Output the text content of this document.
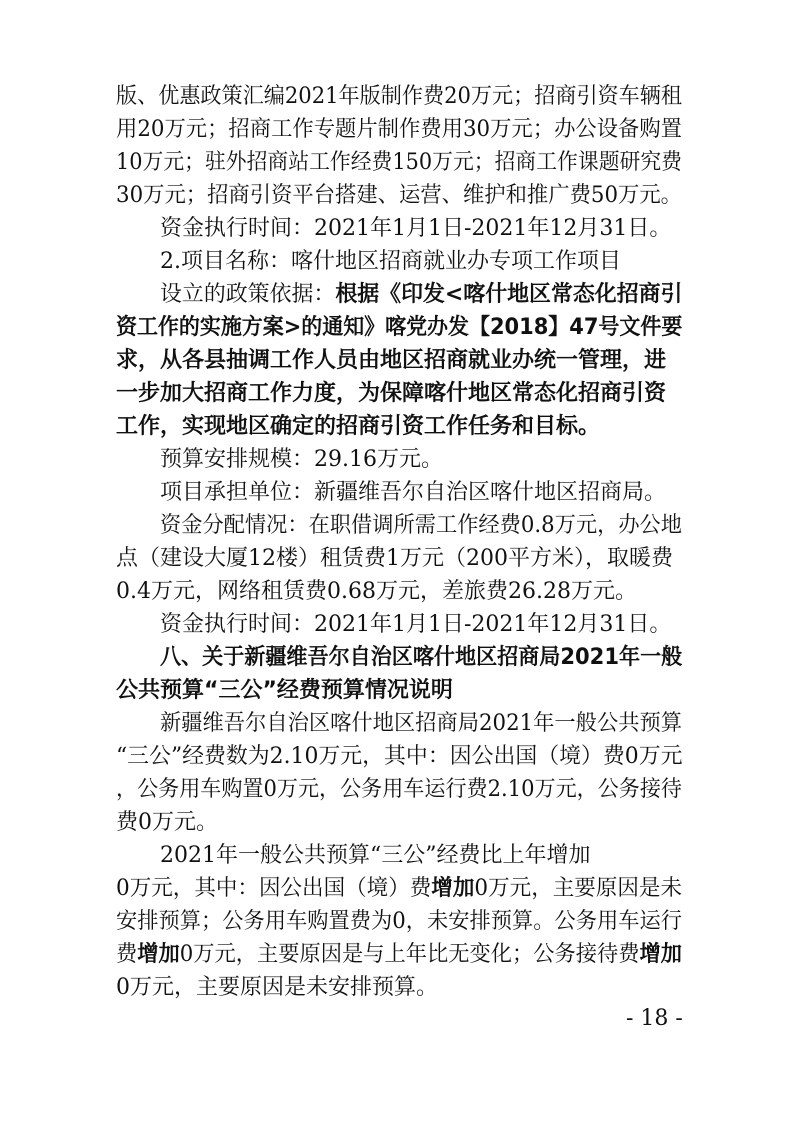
版、优惠政策汇编2021年版制作费20万元；招商引资车辆租

用20万元；招商工作专题片制作费用30万元；办公设备购置

10万元；驻外招商站工作经费150万元；招商工作课题研究费

30万元；招商引资平台搭建、运营、维护和推广费50万元。

资金执行时间：2021年1月1日-2021年12月31日。

2.项目名称：喀什地区招商就业办专项工作项目

设立的政策依据：根据《印发<喀什地区常态化招商引

资工作的实施方案>的通知》喀党办发【2018】47号文件要

求，从各县抽调工作人员由地区招商就业办统一管理，进

一步加大招商工作力度，为保障喀什地区常态化招商引资

工作，实现地区确定的招商引资工作任务和目标。

预算安排规模：29.16万元。

项目承担单位：新疆维吾尔自治区喀什地区招商局。

资金分配情况：在职借调所需工作经费0.8万元，办公地

点（建设大厦12楼）租赁费1万元（200平方米），取暖费

0.4万元，网络租赁费0.68万元，差旅费26.28万元。

资金执行时间：2021年1月1日-2021年12月31日。

八、关于新疆维吾尔自治区喀什地区招商局2021年一般

公共预算“三公”经费预算情况说明

新疆维吾尔自治区喀什地区招商局2021年一般公共预算

“三公”经费数为2.10万元，其中：因公出国（境）费0万元

，公务用车购置0万元，公务用车运行费2.10万元，公务接待

费0万元。

2021年一般公共预算“三公”经费比上年增加

0万元，其中：因公出国（境）费增加0万元，主要原因是未

安排预算；公务用车购置费为0，未安排预算。公务用车运行

费增加0万元，主要原因是与上年比无变化；公务接待费增加

0万元，主要原因是未安排预算。

- 18 -
